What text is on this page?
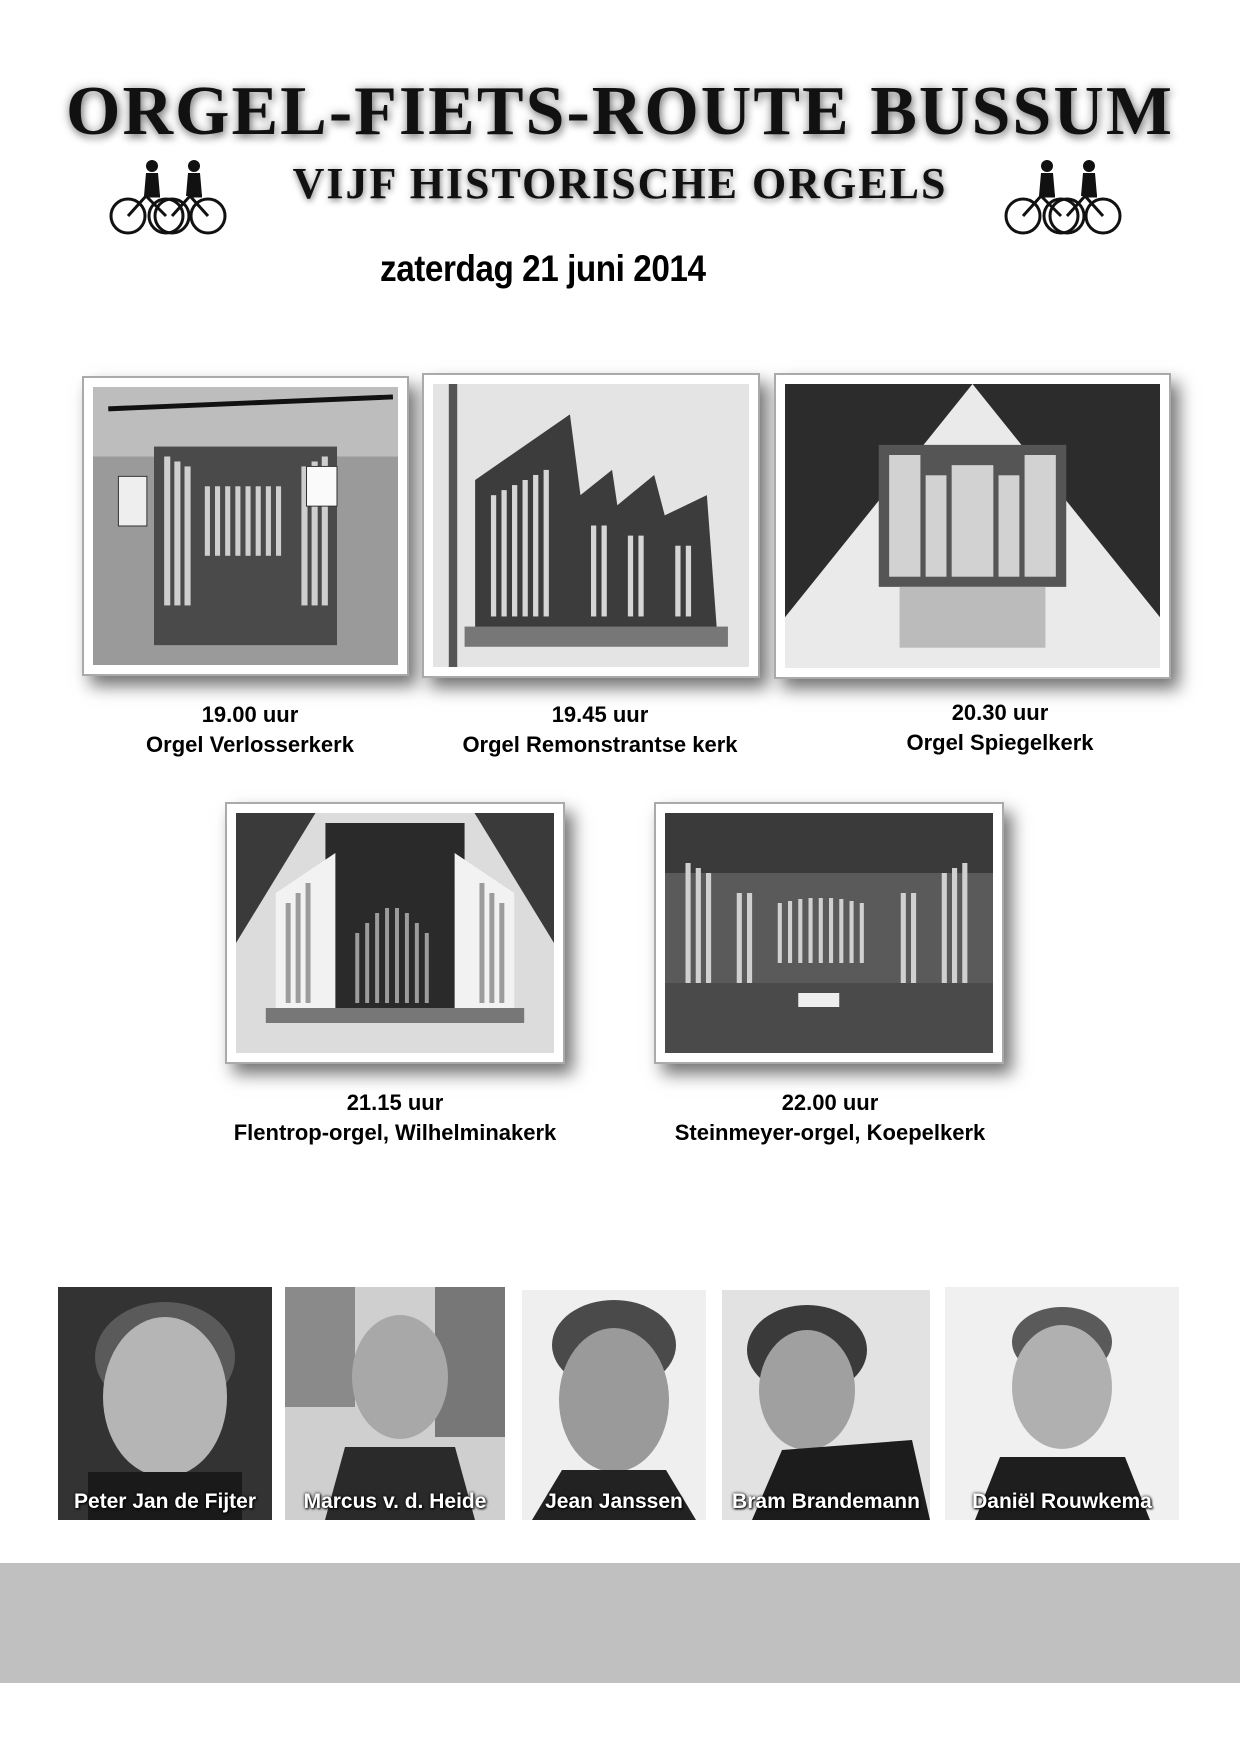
ORGEL-FIETS-ROUTE BUSSUM
VIJF HISTORISCHE ORGELS
zaterdag 21 juni 2014
19.00 uur
Orgel Verlosserkerk
19.45 uur
Orgel Remonstrantse kerk
20.30 uur
Orgel Spiegelkerk
21.15 uur
Flentrop-orgel, Wilhelminakerk
22.00 uur
Steinmeyer-orgel, Koepelkerk
Peter Jan de Fijter	Marcus v. d. Heide	Jean Janssen	Bram Brandemann	Daniël Rouwkema
